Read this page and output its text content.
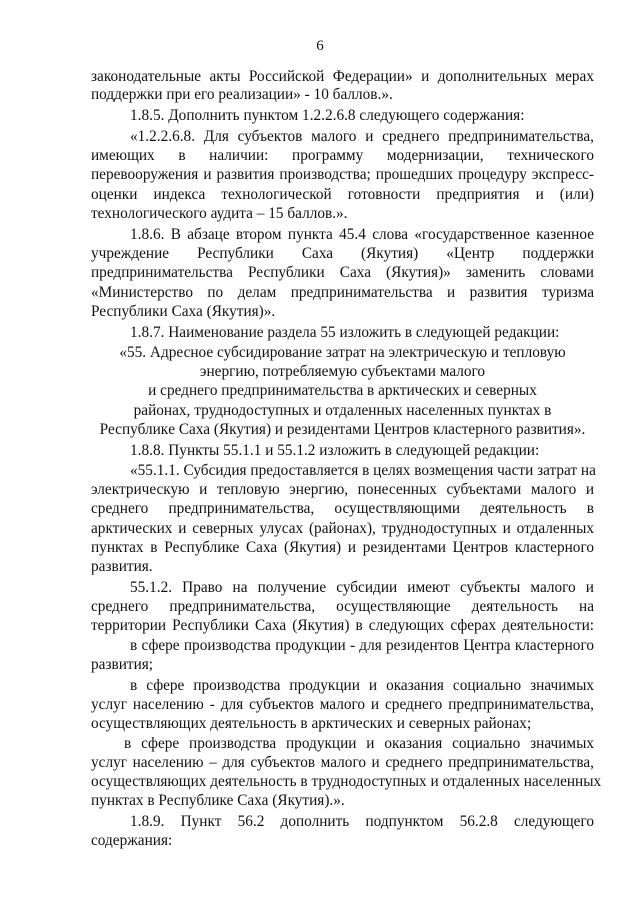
6
законодательные акты Российской Федерации» и дополнительных мерах
поддержки при его реализации» - 10 баллов.».
1.8.5. Дополнить пунктом 1.2.2.6.8 следующего содержания:
«1.2.2.6.8. Для субъектов малого и среднего предпринимательства,
имеющих в наличии: программу модернизации, технического
перевооружения и развития производства; прошедших процедуру экспресс-
оценки индекса технологической готовности предприятия и (или)
технологического аудита – 15 баллов.».
1.8.6. В абзаце втором пункта 45.4 слова «государственное казенное
учреждение Республики Саха (Якутия) «Центр поддержки
предпринимательства Республики Саха (Якутия)» заменить словами
«Министерство по делам предпринимательства и развития туризма
Республики Саха (Якутия)».
1.8.7. Наименование раздела 55 изложить в следующей редакции:
«55. Адресное субсидирование затрат на электрическую и тепловую
энергию, потребляемую субъектами малого
и среднего предпринимательства в арктических и северных
районах, труднодоступных и отдаленных населенных пунктах в
Республикe Саха (Якутия) и резидентами Центров кластерного развития».
1.8.8. Пункты 55.1.1 и 55.1.2 изложить в следующей редакции:
«55.1.1. Субсидия предоставляется в целях возмещения части затрат на
электрическую и тепловую энергию, понесенных субъектами малого и
среднего предпринимательства, осуществляющими деятельность в
арктических и северных улусах (районах), труднодоступных и отдаленных
пунктах в Республике Саха (Якутия) и резидентами Центров кластерного
развития.
55.1.2. Право на получение субсидии имеют субъекты малого и
среднего предпринимательства, осуществляющие деятельность на
территории Республики Саха (Якутия) в следующих сферах деятельности:
в сфере производства продукции - для резидентов Центра кластерного
развития;
в сфере производства продукции и оказания социально значимых
услуг населению - для субъектов малого и среднего предпринимательства,
осуществляющих деятельность в арктических и северных районах;
в сфере производства продукции и оказания социально значимых
услуг населению – для субъектов малого и среднего предпринимательства,
осуществляющих деятельность в труднодоступных и отдаленных населенных
пунктах в Республике Саха (Якутия).».
1.8.9. Пункт 56.2 дополнить подпунктом 56.2.8 следующего
содержания:
